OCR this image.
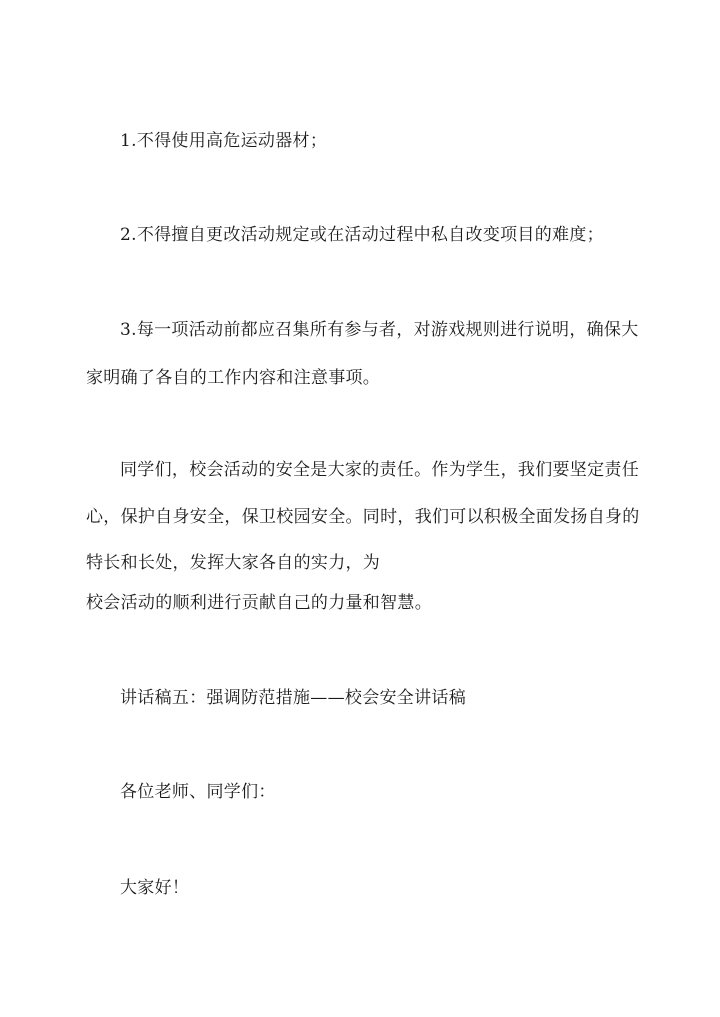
1.不得使用高危运动器材；
2.不得擅自更改活动规定或在活动过程中私自改变项目的难度；
3.每一项活动前都应召集所有参与者，对游戏规则进行说明，确保大
家明确了各自的工作内容和注意事项。
同学们，校会活动的安全是大家的责任。作为学生，我们要坚定责任
心，保护自身安全，保卫校园安全。同时，我们可以积极全面发扬自身的
特长和长处，发挥大家各自的实力，为
校会活动的顺利进行贡献自己的力量和智慧。
讲话稿五：强调防范措施——校会安全讲话稿
各位老师、同学们：
大家好！
